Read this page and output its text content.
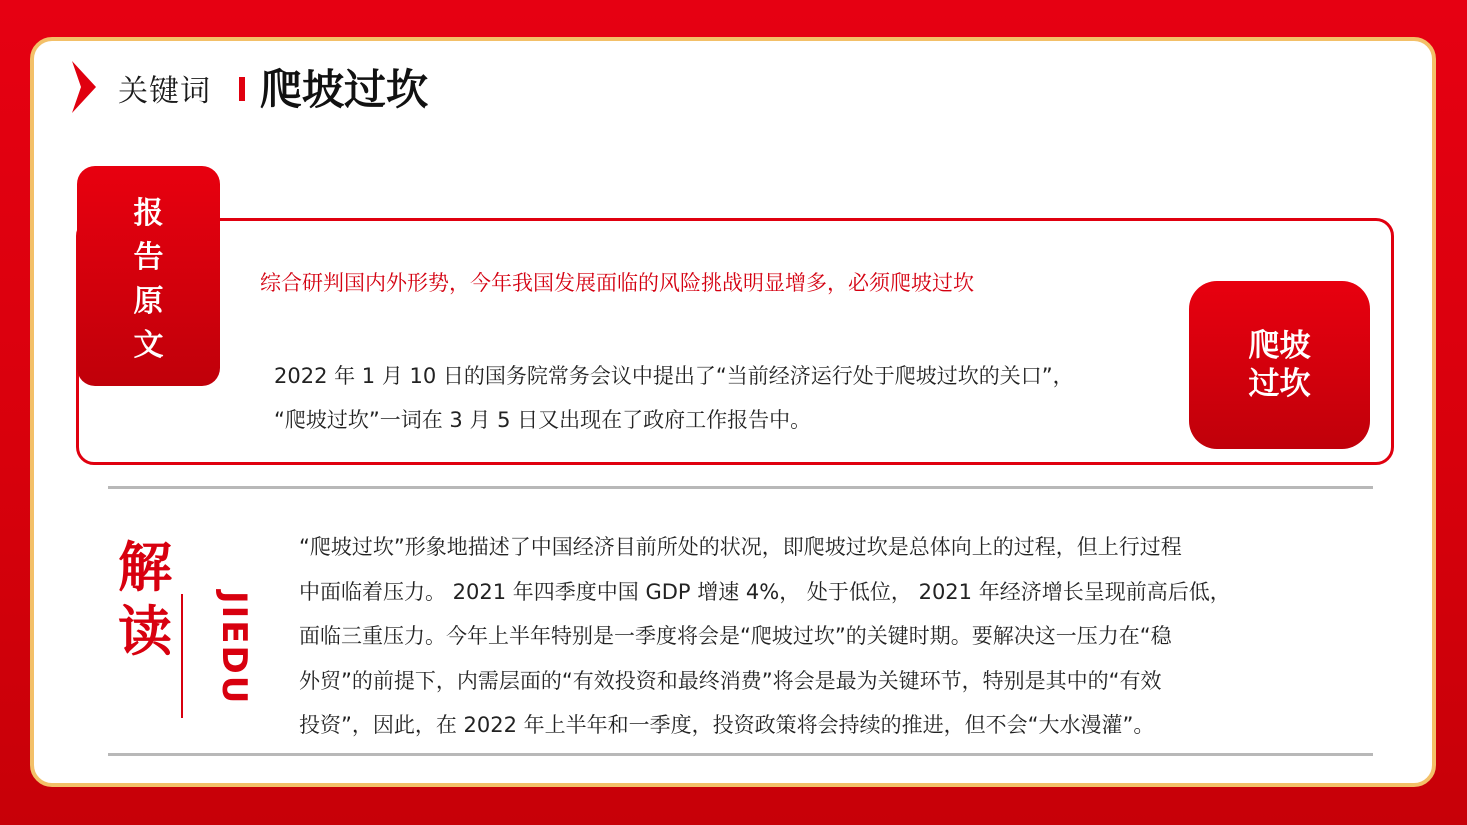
关键词 爬坡过坎
报
告
原
文
综合研判国内外形势，今年我国发展面临的风险挑战明显增多，必须爬坡过坎
2022 年 1 月 10 日的国务院常务会议中提出了“当前经济运行处于爬坡过坎的关口”，
“爬坡过坎”一词在 3 月 5 日又出现在了政府工作报告中。
爬坡
过坎
解
读 JIEDU
“爬坡过坎”形象地描述了中国经济目前所处的状况，即爬坡过坎是总体向上的过程，但上行过程
中面临着压力。 2021 年四季度中国 GDP 增速 4%， 处于低位， 2021 年经济增长呈现前高后低，
面临三重压力。今年上半年特别是一季度将会是“爬坡过坎”的关键时期。要解决这一压力在“稳
外贸”的前提下，内需层面的“有效投资和最终消费”将会是最为关键环节，特别是其中的“有效
投资”，因此，在 2022 年上半年和一季度，投资政策将会持续的推进，但不会“大水漫灌”。
